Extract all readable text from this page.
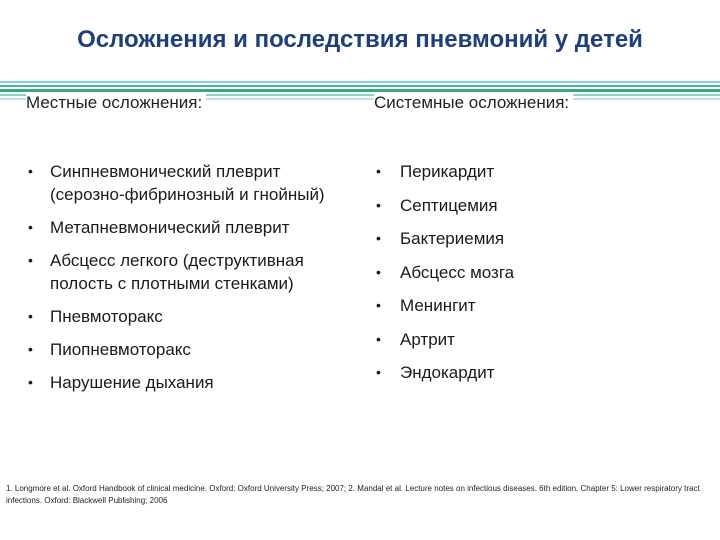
Осложнения и последствия пневмоний у детей
Местные осложнения:	Системные осложнения:
• Синпневмонический плеврит (серозно-фибринозный и гнойный)
• Метапневмонический плеврит
• Абсцесс легкого (деструктивная полость с плотными стенками)
• Пневмоторакс
• Пиопневмоторакс
• Нарушение дыхания
• Перикардит
• Септицемия
• Бактериемия
• Абсцесс мозга
• Менингит
• Артрит
• Эндокардит
1. Longmore et al. Oxford Handbook of clinical medicine. Oxford: Oxford University Press; 2007; 2. Mandal et al. Lecture notes on infectious diseases. 6th edition. Chapter 5: Lower respiratory tract infections. Oxford: Blackwell Publishing; 2006
